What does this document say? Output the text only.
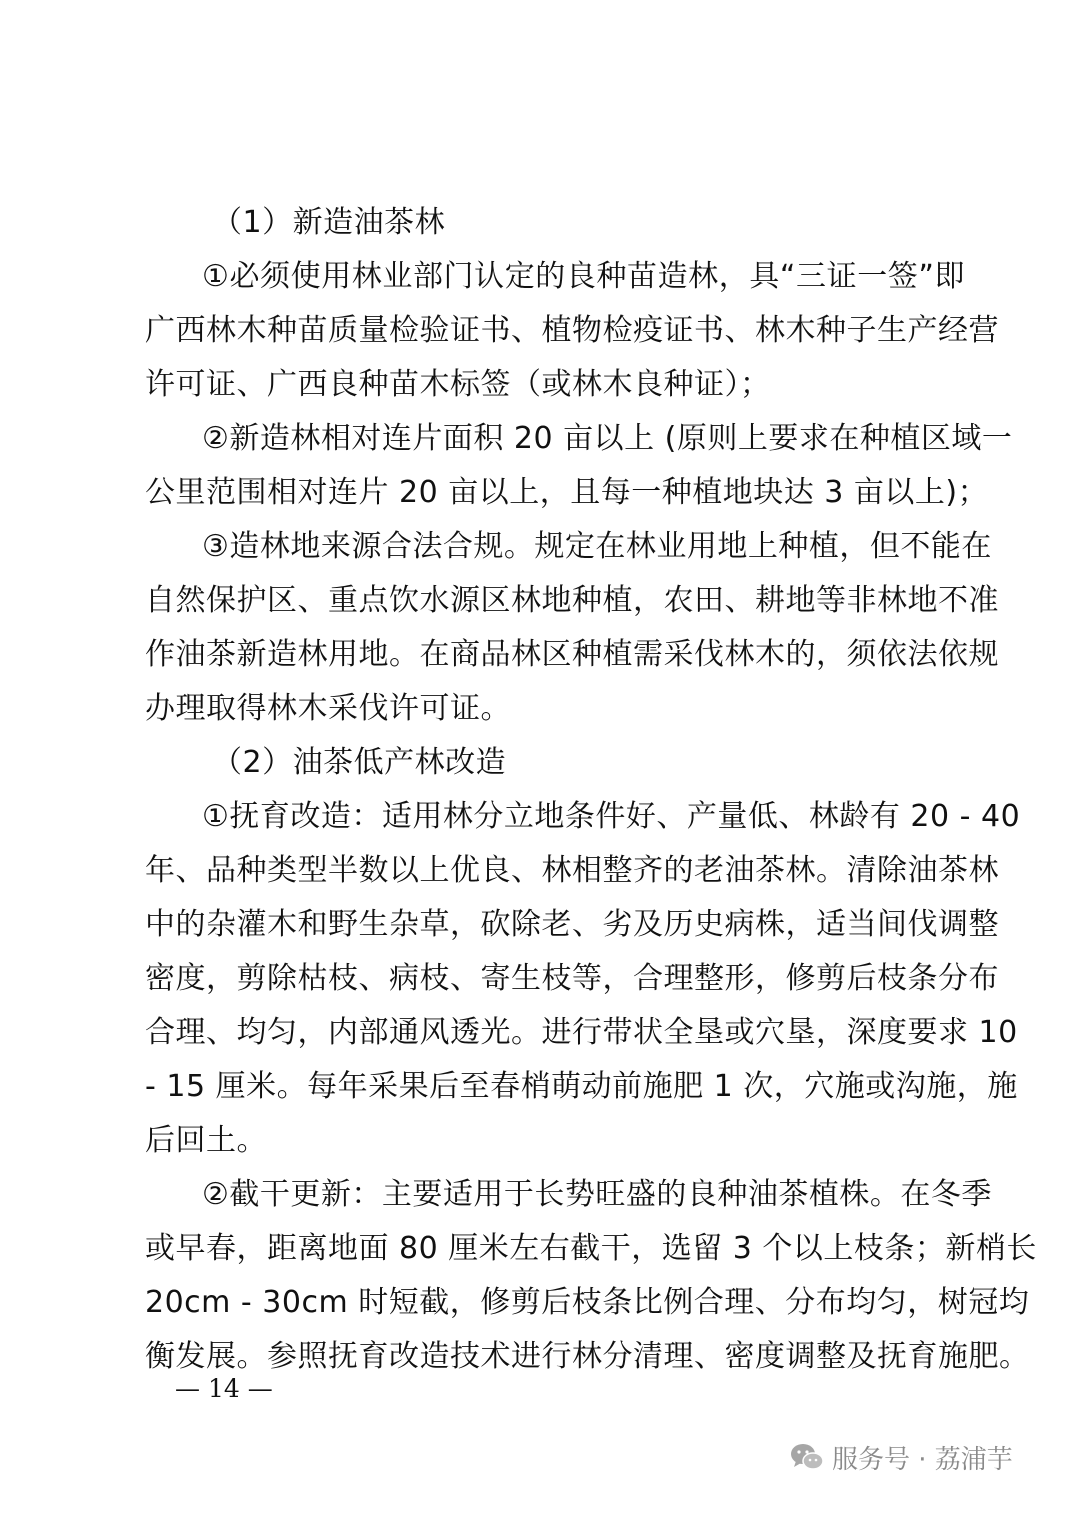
（1）新造油茶林
①必须使用林业部门认定的良种苗造林，具“三证一签”即
广西林木种苗质量检验证书、植物检疫证书、林木种子生产经营
许可证、广西良种苗木标签（或林木良种证）；
②新造林相对连片面积 20 亩以上 (原则上要求在种植区域一
公里范围相对连片 20 亩以上，且每一种植地块达 3 亩以上)；
③造林地来源合法合规。规定在林业用地上种植，但不能在
自然保护区、重点饮水源区林地种植，农田、耕地等非林地不准
作油茶新造林用地。在商品林区种植需采伐林木的，须依法依规
办理取得林木采伐许可证。
（2）油茶低产林改造
①抚育改造：适用林分立地条件好、产量低、林龄有 20 - 40
年、品种类型半数以上优良、林相整齐的老油茶林。清除油茶林
中的杂灌木和野生杂草，砍除老、劣及历史病株，适当间伐调整
密度，剪除枯枝、病枝、寄生枝等，合理整形，修剪后枝条分布
合理、均匀，内部通风透光。进行带状全垦或穴垦，深度要求 10
- 15 厘米。每年采果后至春梢萌动前施肥 1 次，穴施或沟施，施
后回土。
②截干更新：主要适用于长势旺盛的良种油茶植株。在冬季
或早春，距离地面 80 厘米左右截干，选留 3 个以上枝条；新梢长
20cm - 30cm 时短截，修剪后枝条比例合理、分布均匀，树冠均
衡发展。参照抚育改造技术进行林分清理、密度调整及抚育施肥。
— 14 —
服务号 · 荔浦芋
